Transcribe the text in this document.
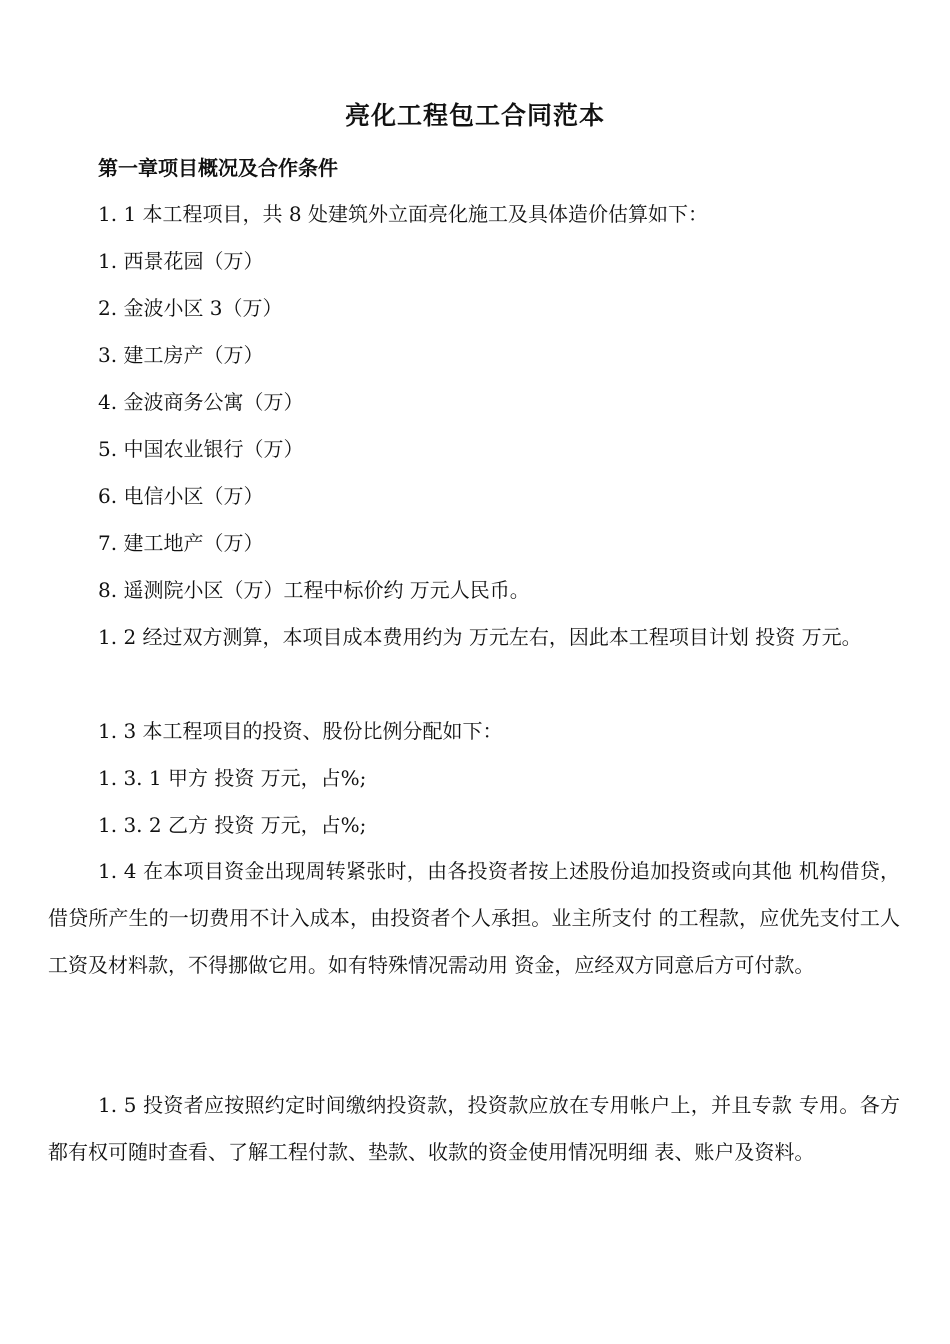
亮化工程包工合同范本
第一章项目概况及合作条件
1. 1 本工程项目，共 8 处建筑外立面亮化施工及具体造价估算如下：
1. 西景花园（万）
2. 金波小区 3（万）
3. 建工房产（万）
4. 金波商务公寓（万）
5. 中国农业银行（万）
6. 电信小区（万）
7. 建工地产（万）
8. 遥测院小区（万）工程中标价约 万元人民币。
1. 2 经过双方测算，本项目成本费用约为 万元左右，因此本工程项目计划 投资 万元。
1. 3 本工程项目的投资、股份比例分配如下：
1. 3. 1 甲方 投资 万元，占%;
1. 3. 2 乙方 投资 万元，占%;
1. 4 在本项目资金出现周转紧张时，由各投资者按上述股份追加投资或向其他 机构借贷，借贷所产生的一切费用不计入成本，由投资者个人承担。业主所支付 的工程款，应优先支付工人工资及材料款，不得挪做它用。如有特殊情况需动用 资金，应经双方同意后方可付款。
1. 5 投资者应按照约定时间缴纳投资款，投资款应放在专用帐户上，并且专款 专用。各方都有权可随时查看、了解工程付款、垫款、收款的资金使用情况明细 表、账户及资料。
